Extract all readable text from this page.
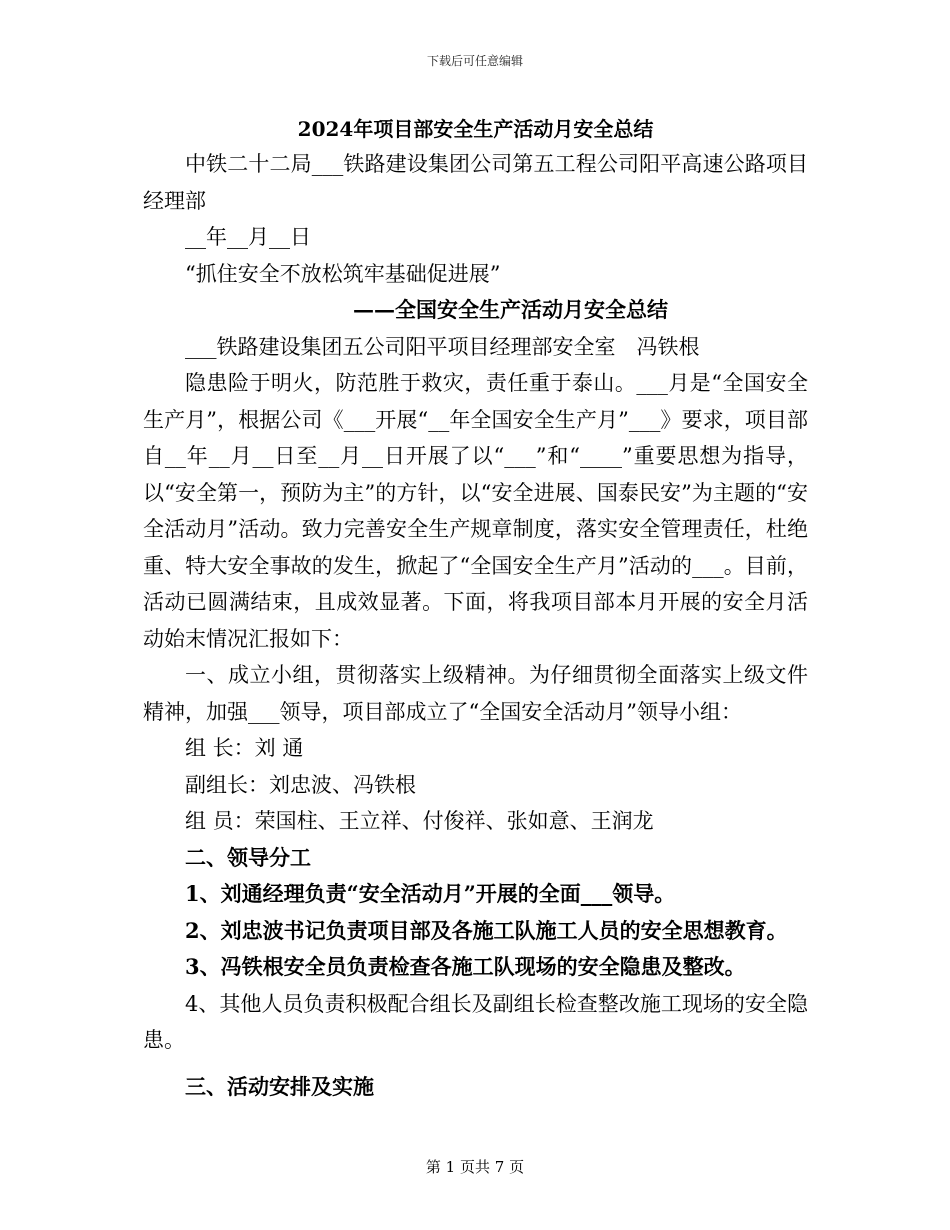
下载后可任意编辑
2024年项目部安全生产活动月安全总结

中铁二十二局___铁路建设集团公司第五工程公司阳平高速公路项目经理部

__年__月__日

“抓住安全不放松筑牢基础促进展”

——全国安全生产活动月安全总结

___铁路建设集团五公司阳平项目经理部安全室　冯铁根

隐患险于明火，防范胜于救灾，责任重于泰山。___月是“全国安全生产月”，根据公司《___开展“__年全国安全生产月”___》要求，项目部自__年__月__日至__月__日开展了以“___”和“____”重要思想为指导，以“安全第一，预防为主”的方针，以“安全进展、国泰民安”为主题的“安全活动月”活动。致力完善安全生产规章制度，落实安全管理责任，杜绝重、特大安全事故的发生，掀起了“全国安全生产月”活动的___。目前，活动已圆满结束，且成效显著。下面，将我项目部本月开展的安全月活动始末情况汇报如下：

一、成立小组，贯彻落实上级精神。为仔细贯彻全面落实上级文件精神，加强___领导，项目部成立了“全国安全活动月”领导小组：

组 长：刘 通

副组长：刘忠波、冯铁根

组 员：荣国柱、王立祥、付俊祥、张如意、王润龙

二、领导分工

1、刘通经理负责“安全活动月”开展的全面___领导。

2、刘忠波书记负责项目部及各施工队施工人员的安全思想教育。

3、冯铁根安全员负责检查各施工队现场的安全隐患及整改。

4、其他人员负责积极配合组长及副组长检查整改施工现场的安全隐患。

三、活动安排及实施

第 1 页共 7 页
